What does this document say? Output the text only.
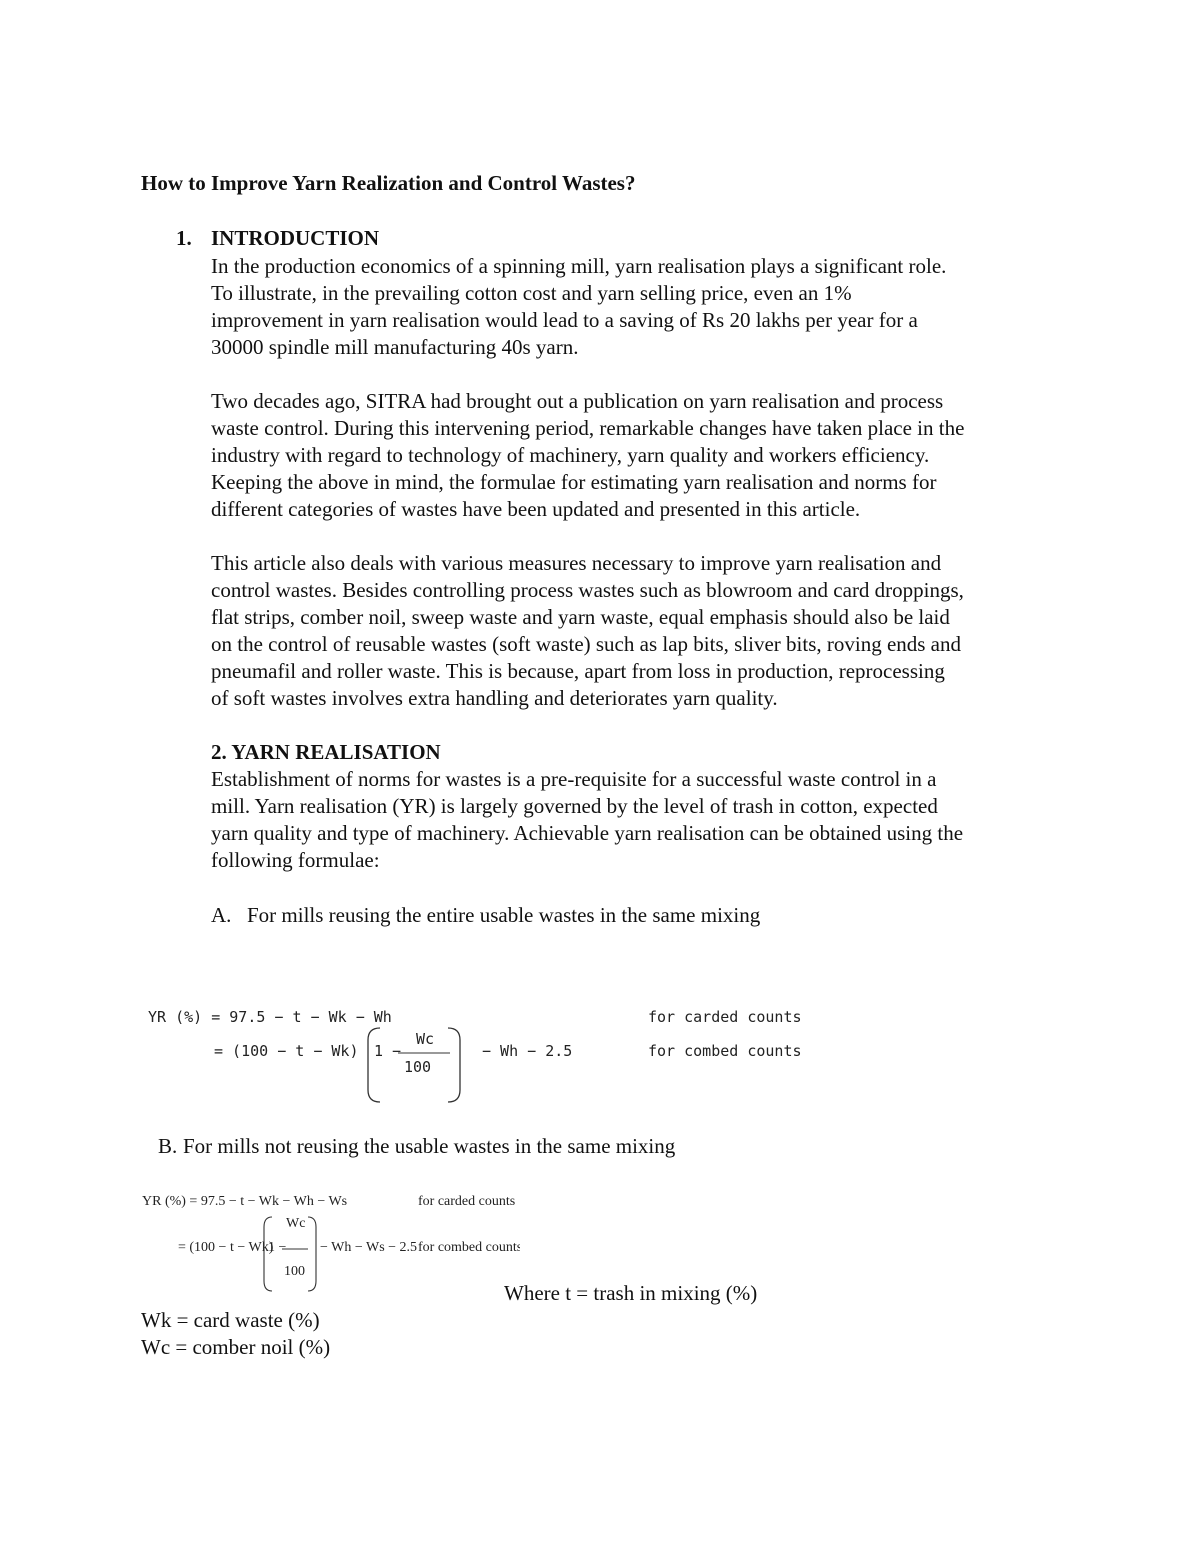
How to Improve Yarn Realization and Control Wastes?
1. INTRODUCTION

In the production economics of a spinning mill, yarn realisation plays a significant role.
To illustrate, in the prevailing cotton cost and yarn selling price, even an 1%
improvement in yarn realisation would lead to a saving of Rs 20 lakhs per year for a
30000 spindle mill manufacturing 40s yarn.

Two decades ago, SITRA had brought out a publication on yarn realisation and process
waste control. During this intervening period, remarkable changes have taken place in the
industry with regard to technology of machinery, yarn quality and workers efficiency.
Keeping the above in mind, the formulae for estimating yarn realisation and norms for
different categories of wastes have been updated and presented in this article.

This article also deals with various measures necessary to improve yarn realisation and
control wastes. Besides controlling process wastes such as blowroom and card droppings,
flat strips, comber noil, sweep waste and yarn waste, equal emphasis should also be laid
on the control of reusable wastes (soft waste) such as lap bits, sliver bits, roving ends and
pneumafil and roller waste. This is because, apart from loss in production, reprocessing
of soft wastes involves extra handling and deteriorates yarn quality.

2. YARN REALISATION

Establishment of norms for wastes is a pre-requisite for a successful waste control in a
mill. Yarn realisation (YR) is largely governed by the level of trash in cotton, expected
yarn quality and type of machinery. Achievable yarn realisation can be obtained using the
following formulae:

A. For mills reusing the entire usable wastes in the same mixing
YR (%) = 97.5 − t − Wk − Wh	for carded counts
= (100 − t − Wk) 1 −
Wc
100
− Wh − 2.5	for combed counts
B. For mills not reusing the usable wastes in the same mixing
YR (%) = 97.5 − t − Wk − Wh − Ws	for carded counts
= (100 − t − Wk)
1 −
Wc
100
− Wh − Ws − 2.5 for combed counts
Where t = trash in mixing (%)
Wk = card waste (%)
Wc = comber noil (%)
